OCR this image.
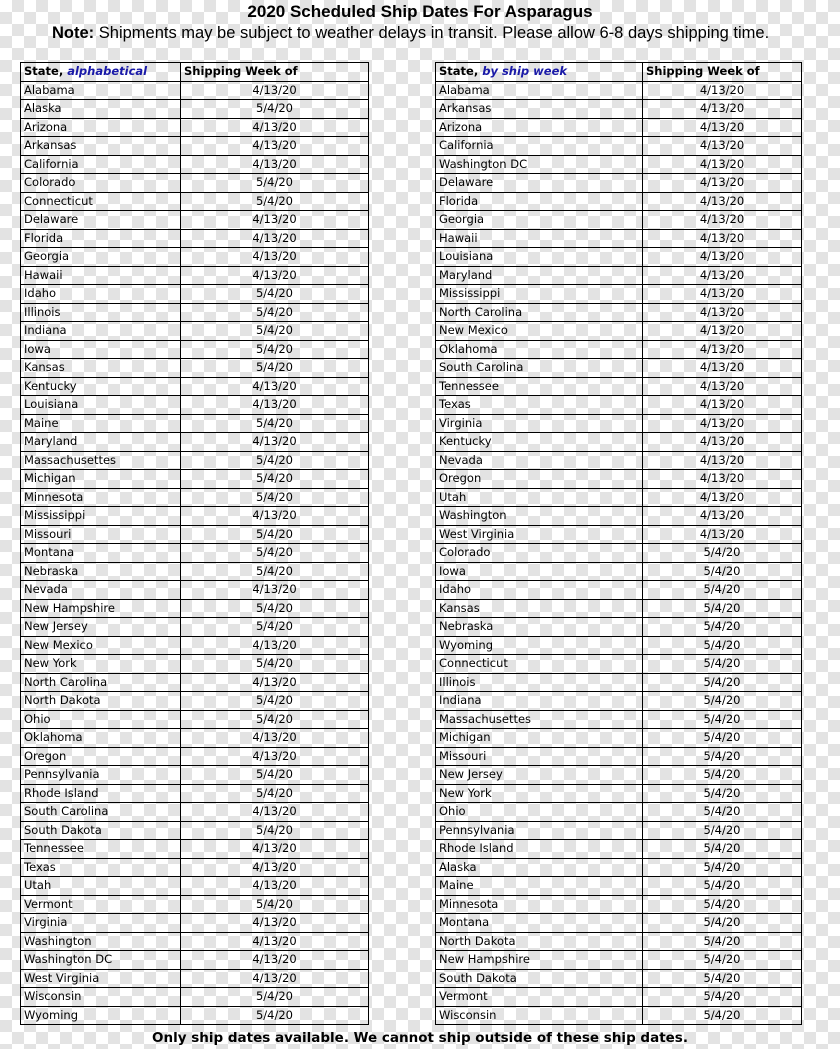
2020 Scheduled Ship Dates For Asparagus
Note: Shipments may be subject to weather delays in transit. Please allow 6-8 days shipping time.
State, alphabetical	Shipping Week of
Alabama	4/13/20
Alaska	5/4/20
Arizona	4/13/20
Arkansas	4/13/20
California	4/13/20
Colorado	5/4/20
Connecticut	5/4/20
Delaware	4/13/20
Florida	4/13/20
Georgia	4/13/20
Hawaii	4/13/20
Idaho	5/4/20
Illinois	5/4/20
Indiana	5/4/20
Iowa	5/4/20
Kansas	5/4/20
Kentucky	4/13/20
Louisiana	4/13/20
Maine	5/4/20
Maryland	4/13/20
Massachusettes	5/4/20
Michigan	5/4/20
Minnesota	5/4/20
Mississippi	4/13/20
Missouri	5/4/20
Montana	5/4/20
Nebraska	5/4/20
Nevada	4/13/20
New Hampshire	5/4/20
New Jersey	5/4/20
New Mexico	4/13/20
New York	5/4/20
North Carolina	4/13/20
North Dakota	5/4/20
Ohio	5/4/20
Oklahoma	4/13/20
Oregon	4/13/20
Pennsylvania	5/4/20
Rhode Island	5/4/20
South Carolina	4/13/20
South Dakota	5/4/20
Tennessee	4/13/20
Texas	4/13/20
Utah	4/13/20
Vermont	5/4/20
Virginia	4/13/20
Washington	4/13/20
Washington DC	4/13/20
West Virginia	4/13/20
Wisconsin	5/4/20
Wyoming	5/4/20
State, by ship week	Shipping Week of
Alabama	4/13/20
Arkansas	4/13/20
Arizona	4/13/20
California	4/13/20
Washington DC	4/13/20
Delaware	4/13/20
Florida	4/13/20
Georgia	4/13/20
Hawaii	4/13/20
Louisiana	4/13/20
Maryland	4/13/20
Mississippi	4/13/20
North Carolina	4/13/20
New Mexico	4/13/20
Oklahoma	4/13/20
South Carolina	4/13/20
Tennessee	4/13/20
Texas	4/13/20
Virginia	4/13/20
Kentucky	4/13/20
Nevada	4/13/20
Oregon	4/13/20
Utah	4/13/20
Washington	4/13/20
West Virginia	4/13/20
Colorado	5/4/20
Iowa	5/4/20
Idaho	5/4/20
Kansas	5/4/20
Nebraska	5/4/20
Wyoming	5/4/20
Connecticut	5/4/20
Illinois	5/4/20
Indiana	5/4/20
Massachusettes	5/4/20
Michigan	5/4/20
Missouri	5/4/20
New Jersey	5/4/20
New York	5/4/20
Ohio	5/4/20
Pennsylvania	5/4/20
Rhode Island	5/4/20
Alaska	5/4/20
Maine	5/4/20
Minnesota	5/4/20
Montana	5/4/20
North Dakota	5/4/20
New Hampshire	5/4/20
South Dakota	5/4/20
Vermont	5/4/20
Wisconsin	5/4/20
Only ship dates available. We cannot ship outside of these ship dates.
